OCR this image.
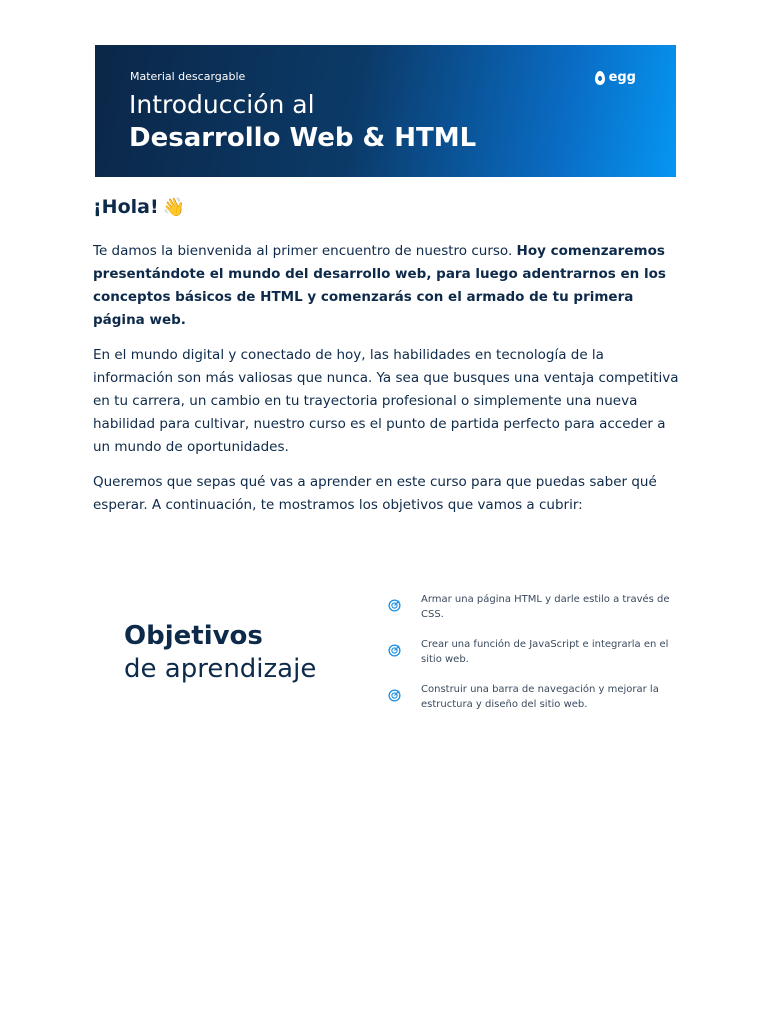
Material descargable
Introducción al
Desarrollo Web & HTML
egg
¡Hola! 👋

Te damos la bienvenida al primer encuentro de nuestro curso. Hoy comenzaremos presentándote el mundo del desarrollo web, para luego adentrarnos en los conceptos básicos de HTML y comenzarás con el armado de tu primera página web.

En el mundo digital y conectado de hoy, las habilidades en tecnología de la información son más valiosas que nunca. Ya sea que busques una ventaja competitiva en tu carrera, un cambio en tu trayectoria profesional o simplemente una nueva habilidad para cultivar, nuestro curso es el punto de partida perfecto para acceder a un mundo de oportunidades.

Queremos que sepas qué vas a aprender en este curso para que puedas saber qué esperar. A continuación, te mostramos los objetivos que vamos a cubrir:

Objetivos
de aprendizaje
Armar una página HTML y darle estilo a través de CSS.
Crear una función de JavaScript e integrarla en el sitio web.
Construir una barra de navegación y mejorar la estructura y diseño del sitio web.
